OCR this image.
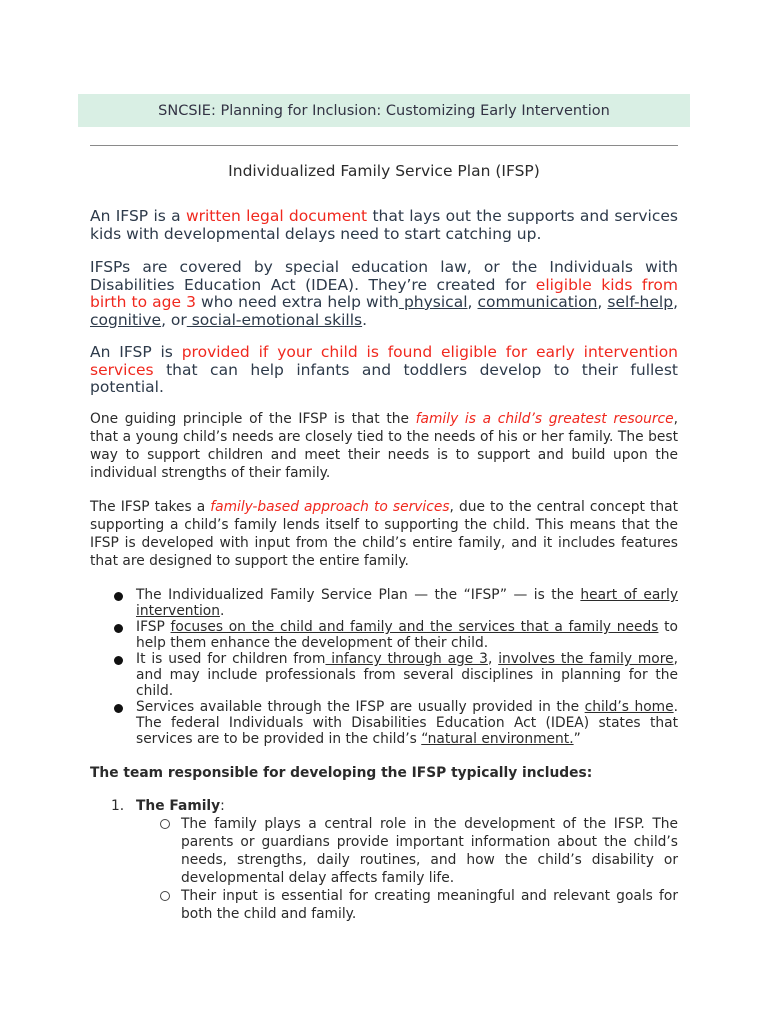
SNCSIE: Planning for Inclusion: Customizing Early Intervention
Individualized Family Service Plan (IFSP)

An IFSP is a written legal document that lays out the supports and services kids with developmental delays need to start catching up.

IFSPs are covered by special education law, or the Individuals with Disabilities Education Act (IDEA). They’re created for eligible kids from birth to age 3 who need extra help with physical, communication, self-help, cognitive, or social-emotional skills.

An IFSP is provided if your child is found eligible for early intervention services that can help infants and toddlers develop to their fullest potential.

One guiding principle of the IFSP is that the family is a child’s greatest resource, that a young child’s needs are closely tied to the needs of his or her family. The best way to support children and meet their needs is to support and build upon the individual strengths of their family.

The IFSP takes a family-based approach to services, due to the central concept that supporting a child’s family lends itself to supporting the child. This means that the IFSP is developed with input from the child’s entire family, and it includes features that are designed to support the entire family.

The Individualized Family Service Plan — the “IFSP” — is the heart of early intervention.

IFSP focuses on the child and family and the services that a family needs to help them enhance the development of their child.

It is used for children from infancy through age 3, involves the family more, and may include professionals from several disciplines in planning for the child.

Services available through the IFSP are usually provided in the child’s home. The federal Individuals with Disabilities Education Act (IDEA) states that services are to be provided in the child’s “natural environment.”

The team responsible for developing the IFSP typically includes:

1. The Family:

The family plays a central role in the development of the IFSP. The parents or guardians provide important information about the child’s needs, strengths, daily routines, and how the child’s disability or developmental delay affects family life.

Their input is essential for creating meaningful and relevant goals for both the child and family.
